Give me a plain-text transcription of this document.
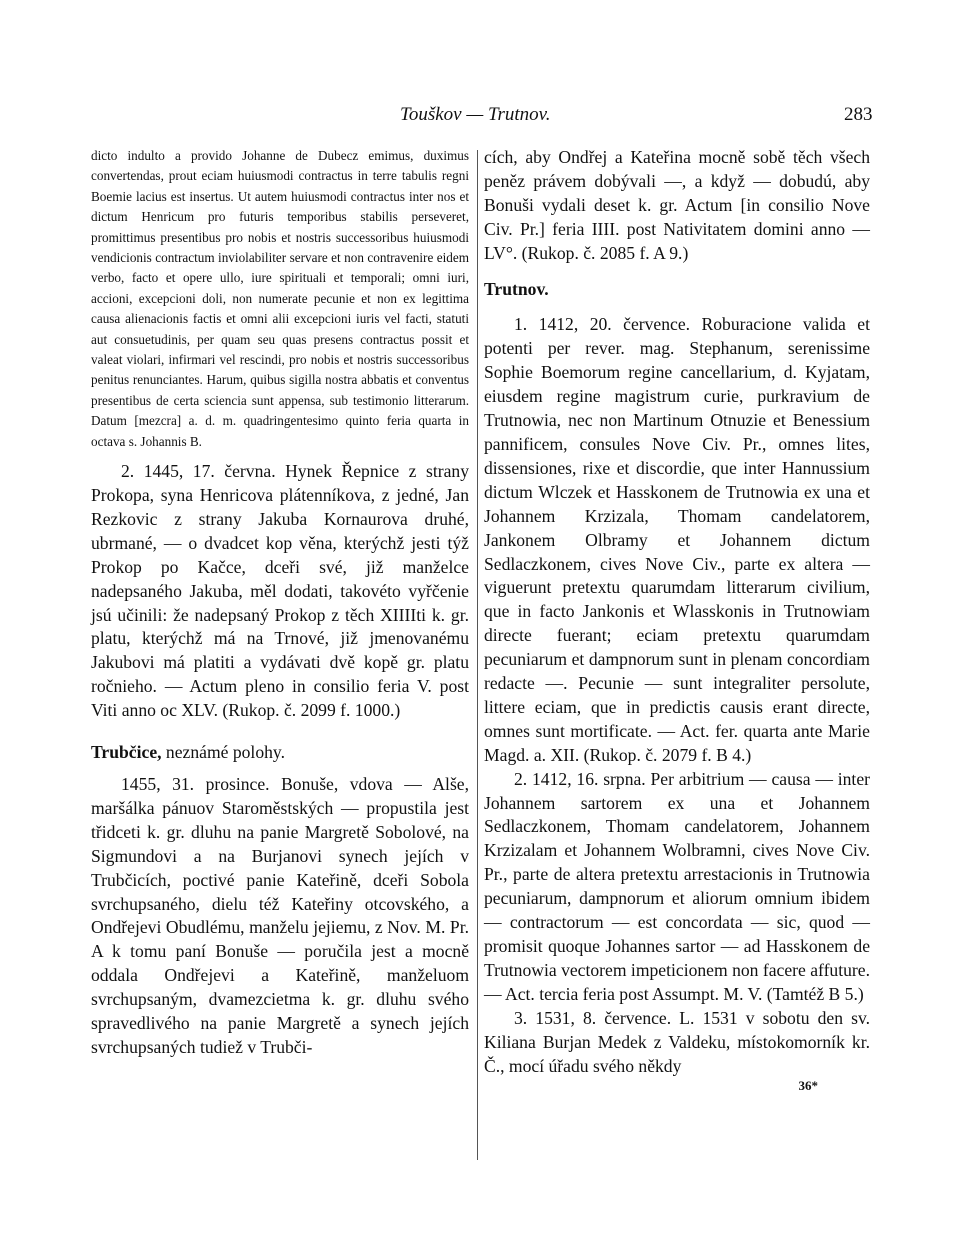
Touškov — Trutnov.	283

dicto indulto a provido Johanne de Dubecz emimus, duximus convertendas, prout eciam huiusmodi contractus in terre tabulis regni Boemie lacius est insertus. Ut autem huiusmodi contractus inter nos et dictum Henricum pro futuris temporibus stabilis perseveret, promittimus presentibus pro nobis et nostris successoribus huiusmodi vendicionis contractum inviolabiliter servare et non contravenire eidem verbo, facto et opere ullo, iure spirituali et temporali; omni iuri, accioni, excepcioni doli, non numerate pecunie et non ex legittima causa alienacionis factis et omni alii excepcioni iuris vel facti, statuti aut consuetudinis, per quam seu quas presens contractus possit et valeat violari, infirmari vel rescindi, pro nobis et nostris successoribus penitus renunciantes. Harum, quibus sigilla nostra abbatis et conventus presentibus de certa sciencia sunt appensa, sub testimonio litterarum. Datum [mezcra] a. d. m. quadringentesimo quinto feria quarta in octava s. Johannis B.

2. 1445, 17. června. Hynek Řepnice z strany Prokopa, syna Henricova plátenníkova, z jedné, Jan Rezkovic z strany Jakuba Kornaurova druhé, ubrmané, — o dvadcet kop věna, kterýchž jesti týž Prokop po Kačce, dceři své, již manželce nadepsaného Jakuba, měl dodati, takovéto vyřčenie jsú učinili: že nadepsaný Prokop z těch XIIIIti k. gr. platu, kterýchž má na Trnové, již jmenovanému Jakubovi má platiti a vydávati dvě kopě gr. platu ročnieho. — Actum pleno in consilio feria V. post Viti anno oc XLV. (Rukop. č. 2099 f. 1000.)

Trubčice, neznámé polohy.

1455, 31. prosince. Bonuše, vdova — Alše, maršálka pánuov Staroměstských — propustila jest třidceti k. gr. dluhu na panie Margretě Sobolové, na Sigmundovi a na Burjanovi synech jejích v Trubčicích, poctivé panie Kateřině, dceři Sobola svrchupsaného, dielu též Kateřiny otcovského, a Ondřejevi Obudlému, manželu jejiemu, z Nov. M. Pr. A k tomu paní Bonuše — poručila jest a mocně oddala Ondřejevi a Kateřině, manželuom svrchupsaným, dvamezcietma k. gr. dluhu svého spravedlivého na panie Margretě a synech jejích svrchupsaných tudiež v Trubči-

cích, aby Ondřej a Kateřina mocně sobě těch všech peněz právem dobývali —, a když — dobudú, aby Bonuši vydali deset k. gr. Actum [in consilio Nove Civ. Pr.] feria IIII. post Nativitatem domini anno — LV°. (Rukop. č. 2085 f. A 9.)

Trutnov.

1. 1412, 20. července. Roburacione valida et potenti per rever. mag. Stephanum, serenissime Sophie Boemorum regine cancellarium, d. Kyjatam, eiusdem regine magistrum curie, purkravium de Trutnowia, nec non Martinum Otnuzie et Benessium pannificem, consules Nove Civ. Pr., omnes lites, dissensiones, rixe et discordie, que inter Hannussium dictum Wlczek et Hasskonem de Trutnowia ex una et Johannem Krzizala, Thomam candelatorem, Jankonem Olbramy et Johannem dictum Sedlaczkonem, cives Nove Civ., parte ex altera — viguerunt pretextu quarumdam litterarum civilium, que in facto Jankonis et Wlasskonis in Trutnowiam directe fuerant; eciam pretextu quarumdam pecuniarum et dampnorum sunt in plenam concordiam redacte —. Pecunie — sunt integraliter persolute, littere eciam, que in predictis causis erant directe, omnes sunt mortificate. — Act. fer. quarta ante Marie Magd. a. XII. (Rukop. č. 2079 f. B 4.)

2. 1412, 16. srpna. Per arbitrium — causa — inter Johannem sartorem ex una et Johannem Sedlaczkonem, Thomam candelatorem, Johannem Krzizalam et Johannem Wolbramni, cives Nove Civ. Pr., parte de altera pretextu arrestacionis in Trutnowia pecuniarum, dampnorum et aliorum omnium ibidem — contractorum — est concordata — sic, quod — promisit quoque Johannes sartor — ad Hasskonem de Trutnowia vectorem impeticionem non facere affuture. — Act. tercia feria post Assumpt. M. V. (Tamtéž B 5.)

3. 1531, 8. července. L. 1531 v sobotu den sv. Kiliana Burjan Medek z Valdeku, místokomorník kr. Č., mocí úřadu svého někdy

36*
